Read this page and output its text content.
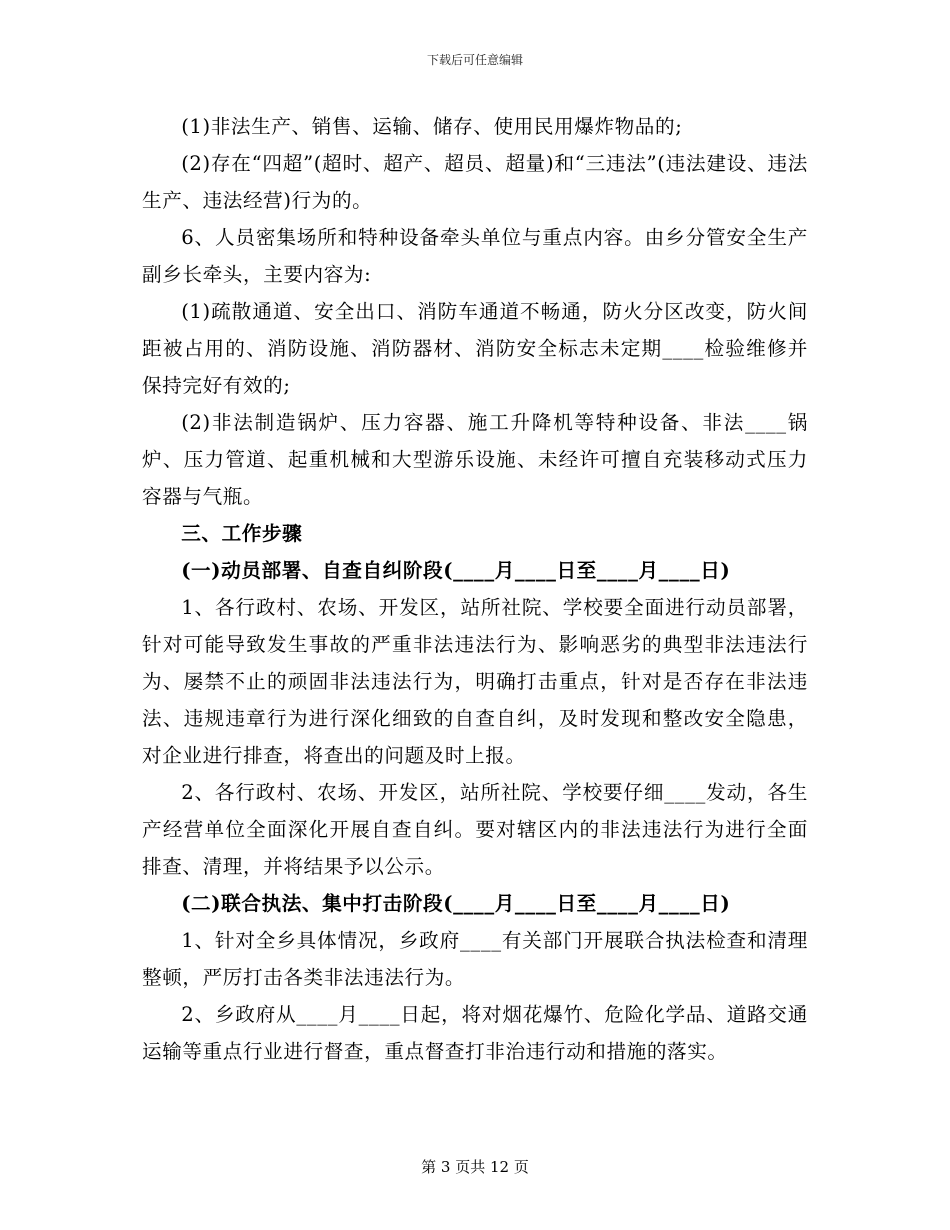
下载后可任意编辑

(1)非法生产、销售、运输、储存、使用民用爆炸物品的;

(2)存在“四超”(超时、超产、超员、超量)和“三违法”(违法建设、违法生产、违法经营)行为的。

6、人员密集场所和特种设备牵头单位与重点内容。由乡分管安全生产副乡长牵头，主要内容为:

(1)疏散通道、安全出口、消防车通道不畅通，防火分区改变，防火间距被占用的、消防设施、消防器材、消防安全标志未定期____检验维修并保持完好有效的;

(2)非法制造锅炉、压力容器、施工升降机等特种设备、非法____锅炉、压力管道、起重机械和大型游乐设施、未经许可擅自充装移动式压力容器与气瓶。

三、工作步骤

(一)动员部署、自查自纠阶段(____月____日至____月____日)

1、各行政村、农场、开发区，站所社院、学校要全面进行动员部署，针对可能导致发生事故的严重非法违法行为、影响恶劣的典型非法违法行为、屡禁不止的顽固非法违法行为，明确打击重点，针对是否存在非法违法、违规违章行为进行深化细致的自查自纠，及时发现和整改安全隐患，对企业进行排查，将查出的问题及时上报。

2、各行政村、农场、开发区，站所社院、学校要仔细____发动，各生产经营单位全面深化开展自查自纠。要对辖区内的非法违法行为进行全面排查、清理，并将结果予以公示。

(二)联合执法、集中打击阶段(____月____日至____月____日)

1、针对全乡具体情况，乡政府____有关部门开展联合执法检查和清理整顿，严厉打击各类非法违法行为。

2、乡政府从____月____日起，将对烟花爆竹、危险化学品、道路交通运输等重点行业进行督查，重点督查打非治违行动和措施的落实。

第 3 页共 12 页
